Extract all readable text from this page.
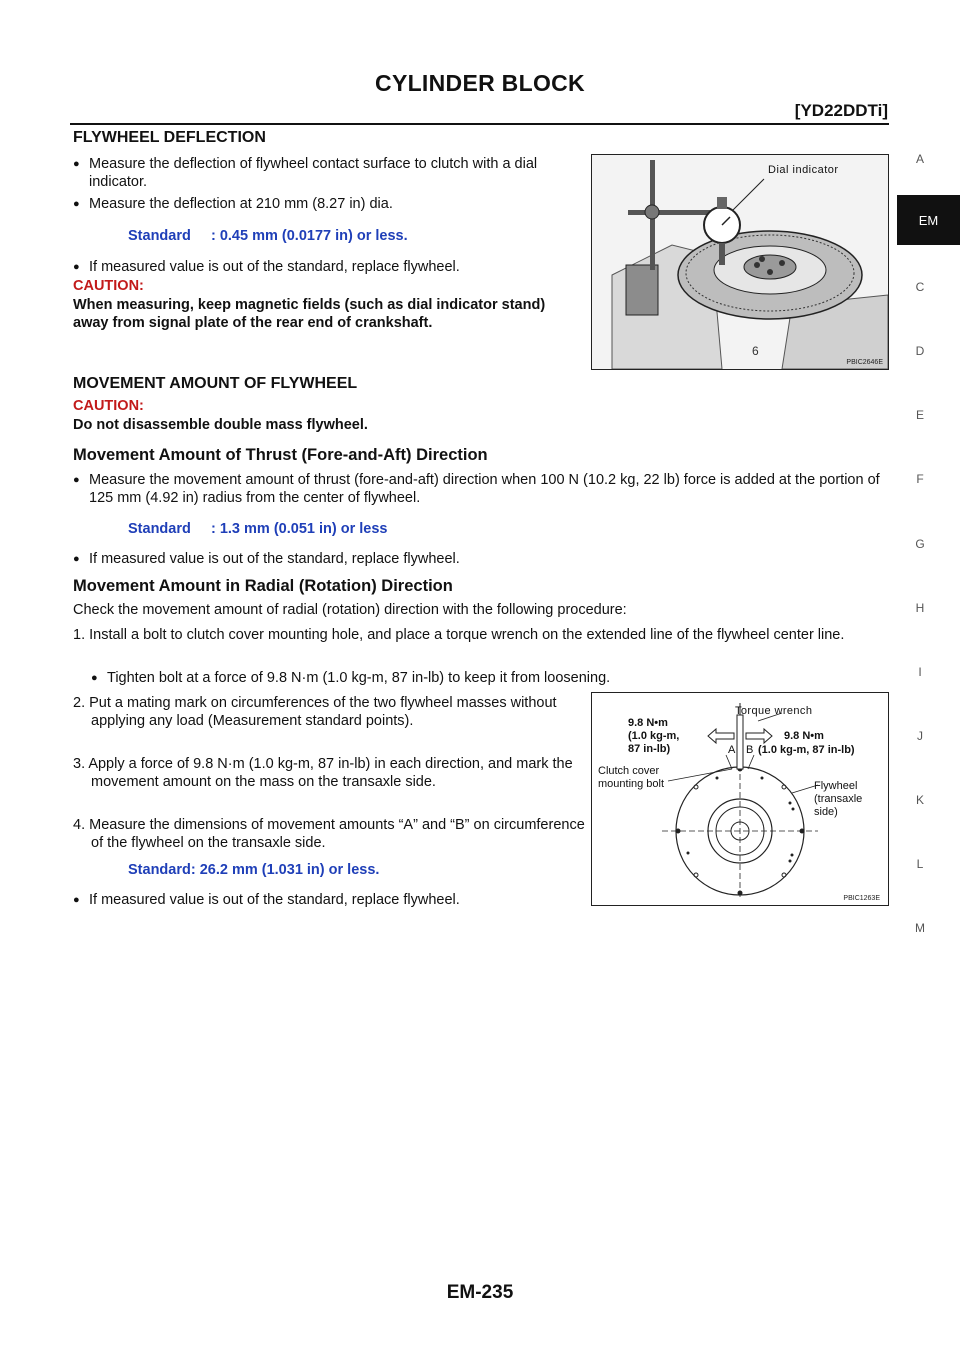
CYLINDER BLOCK
[YD22DDTi]
A
EM
C
D
E
F
G
H
I
J
K
L
M
FLYWHEEL DEFLECTION
● Measure the deflection of flywheel contact surface to clutch with a dial indicator.
● Measure the deflection at 210 mm (8.27 in) dia.
Standard     : 0.45 mm (0.0177 in) or less.
● If measured value is out of the standard, replace flywheel.
CAUTION:
When measuring, keep magnetic fields (such as dial indicator stand) away from signal plate of the rear end of crankshaft.
6
Dial indicator
PBIC2646E
MOVEMENT AMOUNT OF FLYWHEEL
CAUTION:
Do not disassemble double mass flywheel.
Movement Amount of Thrust (Fore-and-Aft) Direction
● Measure the movement amount of thrust (fore-and-aft) direction when 100 N (10.2 kg, 22 lb) force is added at the portion of 125 mm (4.92 in) radius from the center of flywheel.
Standard     : 1.3 mm (0.051 in) or less
● If measured value is out of the standard, replace flywheel.
Movement Amount in Radial (Rotation) Direction
Check the movement amount of radial (rotation) direction with the following procedure:
1. Install a bolt to clutch cover mounting hole, and place a torque wrench on the extended line of the flywheel center line.
● Tighten bolt at a force of 9.8 N·m (1.0 kg-m, 87 in-lb) to keep it from loosening.
2. Put a mating mark on circumferences of the two flywheel masses without applying any load (Measurement standard points).
3. Apply a force of 9.8 N·m (1.0 kg-m, 87 in-lb) in each direction, and mark the movement amount on the mass on the transaxle side.
4. Measure the dimensions of movement amounts “A” and “B” on circumference of the flywheel on the transaxle side.
Standard: 26.2 mm (1.031 in) or less.
● If measured value is out of the standard, replace flywheel.
Torque wrench
9.8 N•m
(1.0 kg-m,
87 in-lb)
9.8 N•m
(1.0 kg-m, 87 in-lb)
A B
Clutch cover
mounting bolt	Flywheel
(transaxle
side)
PBIC1263E
EM-235
